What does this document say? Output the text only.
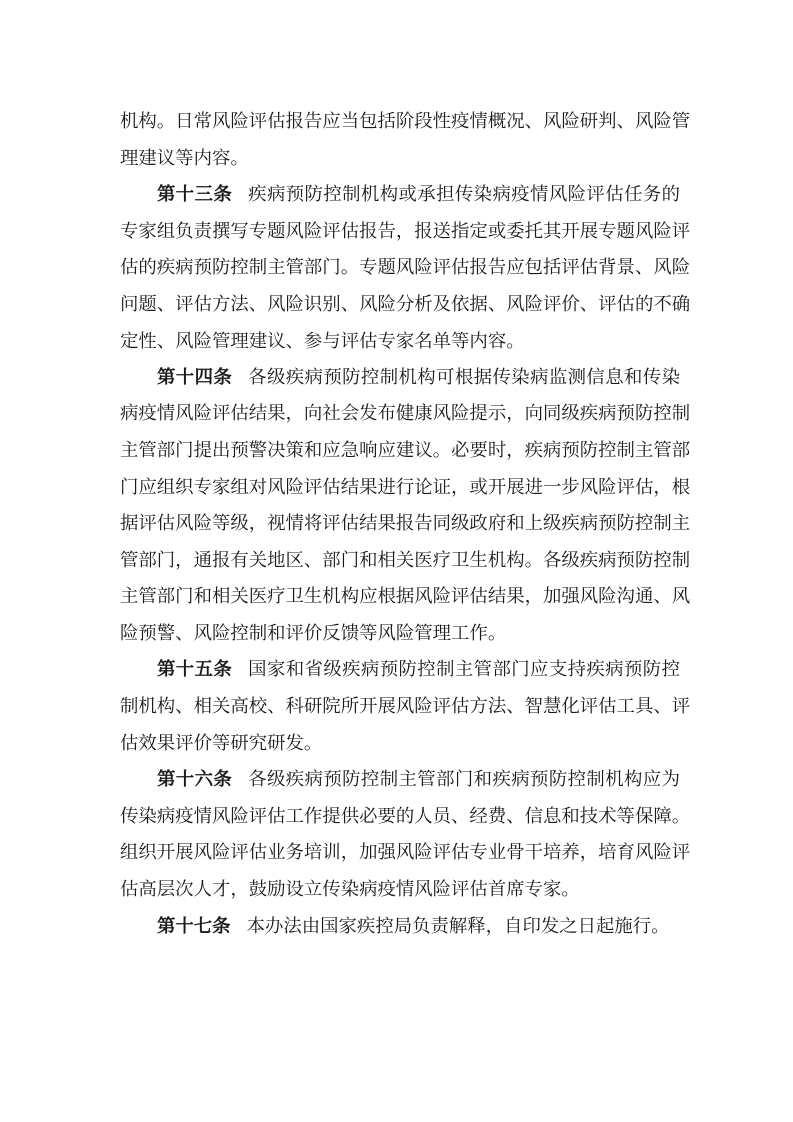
机构。日常风险评估报告应当包括阶段性疫情概况、风险研判、风险管
理建议等内容。
第十三条 疾病预防控制机构或承担传染病疫情风险评估任务的
专家组负责撰写专题风险评估报告，报送指定或委托其开展专题风险评
估的疾病预防控制主管部门。专题风险评估报告应包括评估背景、风险
问题、评估方法、风险识别、风险分析及依据、风险评价、评估的不确
定性、风险管理建议、参与评估专家名单等内容。
第十四条 各级疾病预防控制机构可根据传染病监测信息和传染
病疫情风险评估结果，向社会发布健康风险提示，向同级疾病预防控制
主管部门提出预警决策和应急响应建议。必要时，疾病预防控制主管部
门应组织专家组对风险评估结果进行论证，或开展进一步风险评估，根
据评估风险等级，视情将评估结果报告同级政府和上级疾病预防控制主
管部门，通报有关地区、部门和相关医疗卫生机构。各级疾病预防控制
主管部门和相关医疗卫生机构应根据风险评估结果，加强风险沟通、风
险预警、风险控制和评价反馈等风险管理工作。
第十五条 国家和省级疾病预防控制主管部门应支持疾病预防控
制机构、相关高校、科研院所开展风险评估方法、智慧化评估工具、评
估效果评价等研究研发。
第十六条 各级疾病预防控制主管部门和疾病预防控制机构应为
传染病疫情风险评估工作提供必要的人员、经费、信息和技术等保障。
组织开展风险评估业务培训，加强风险评估专业骨干培养，培育风险评
估高层次人才，鼓励设立传染病疫情风险评估首席专家。
第十七条 本办法由国家疾控局负责解释，自印发之日起施行。
